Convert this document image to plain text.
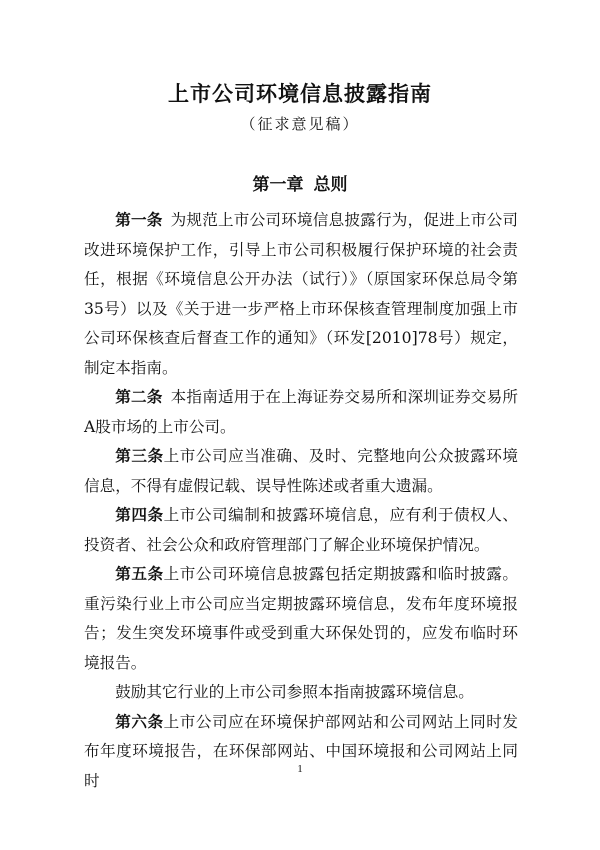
上市公司环境信息披露指南
（征求意见稿）
第一章 总则

第一条  为规范上市公司环境信息披露行为，促进上市公司改进环境保护工作，引导上市公司积极履行保护环境的社会责任，根据《环境信息公开办法（试行）》（原国家环保总局令第35号）以及《关于进一步严格上市环保核查管理制度加强上市公司环保核查后督查工作的通知》（环发[2010]78号）规定，制定本指南。

第二条  本指南适用于在上海证券交易所和深圳证券交易所A股市场的上市公司。

第三条上市公司应当准确、及时、完整地向公众披露环境信息，不得有虚假记载、误导性陈述或者重大遗漏。

第四条上市公司编制和披露环境信息，应有利于债权人、投资者、社会公众和政府管理部门了解企业环境保护情况。

第五条上市公司环境信息披露包括定期披露和临时披露。重污染行业上市公司应当定期披露环境信息，发布年度环境报告；发生突发环境事件或受到重大环保处罚的，应发布临时环境报告。

鼓励其它行业的上市公司参照本指南披露环境信息。

第六条上市公司应在环境保护部网站和公司网站上同时发布年度环境报告，在环保部网站、中国环境报和公司网站上同时

1
